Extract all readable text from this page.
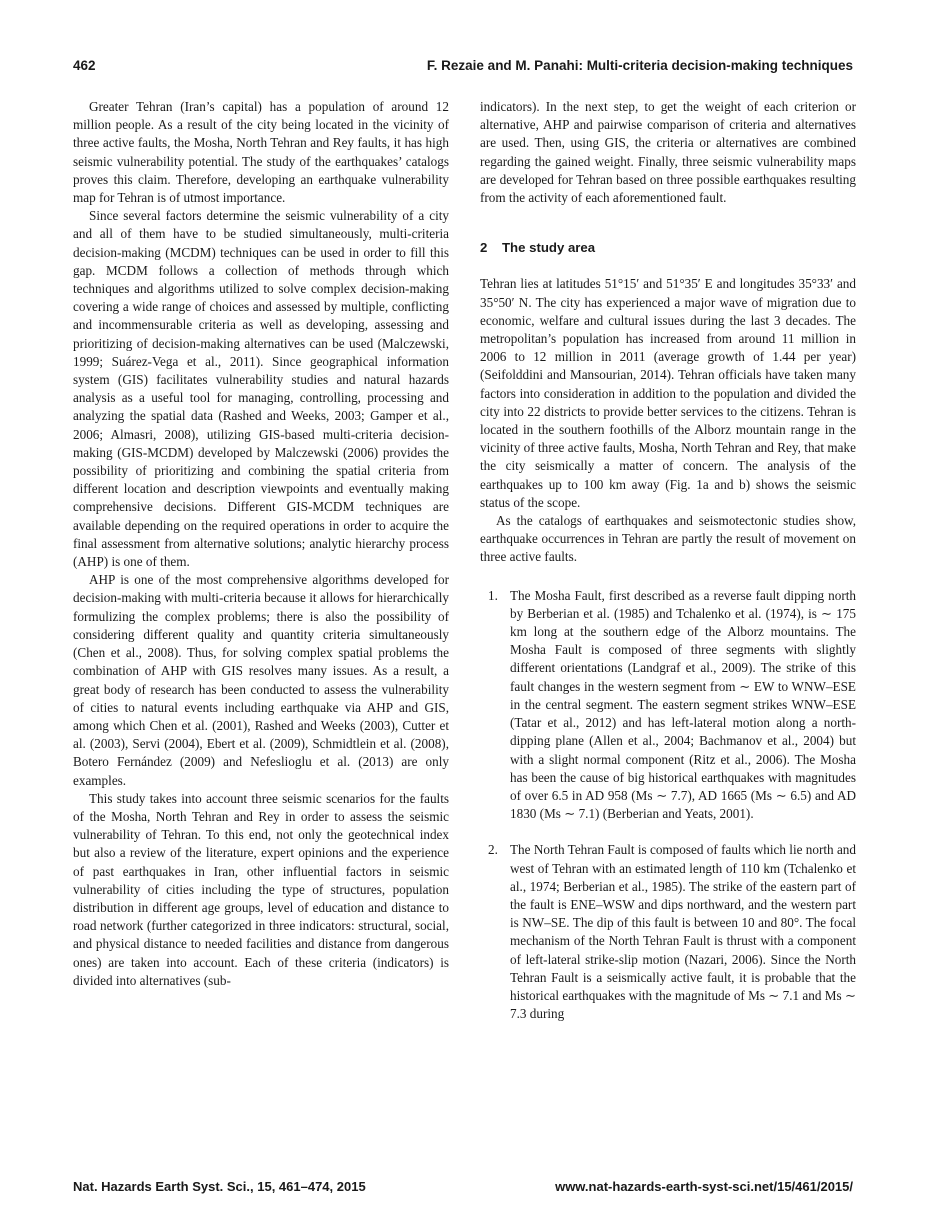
462	F. Rezaie and M. Panahi: Multi-criteria decision-making techniques

Greater Tehran (Iran’s capital) has a population of around 12 million people. As a result of the city being located in the vicinity of three active faults, the Mosha, North Tehran and Rey faults, it has high seismic vulnerability potential. The study of the earthquakes’ catalogs proves this claim. Therefore, developing an earthquake vulnerability map for Tehran is of utmost importance.

Since several factors determine the seismic vulnerability of a city and all of them have to be studied simultaneously, multi-criteria decision-making (MCDM) techniques can be used in order to fill this gap. MCDM follows a collection of methods through which techniques and algorithms utilized to solve complex decision-making covering a wide range of choices and assessed by multiple, conflicting and incommensurable criteria as well as developing, assessing and prioritizing of decision-making alternatives can be used (Malczewski, 1999; Suárez-Vega et al., 2011). Since geographical information system (GIS) facilitates vulnerability studies and natural hazards analysis as a useful tool for managing, controlling, processing and analyzing the spatial data (Rashed and Weeks, 2003; Gamper et al., 2006; Almasri, 2008), utilizing GIS-based multi-criteria decision-making (GIS-MCDM) developed by Malczewski (2006) provides the possibility of prioritizing and combining the spatial criteria from different location and description viewpoints and eventually making comprehensive decisions. Different GIS-MCDM techniques are available depending on the required operations in order to acquire the final assessment from alternative solutions; analytic hierarchy process (AHP) is one of them.

AHP is one of the most comprehensive algorithms developed for decision-making with multi-criteria because it allows for hierarchically formulizing the complex problems; there is also the possibility of considering different quality and quantity criteria simultaneously (Chen et al., 2008). Thus, for solving complex spatial problems the combination of AHP with GIS resolves many issues. As a result, a great body of research has been conducted to assess the vulnerability of cities to natural events including earthquake via AHP and GIS, among which Chen et al. (2001), Rashed and Weeks (2003), Cutter et al. (2003), Servi (2004), Ebert et al. (2009), Schmidtlein et al. (2008), Botero Fernández (2009) and Nefeslioglu et al. (2013) are only examples.

This study takes into account three seismic scenarios for the faults of the Mosha, North Tehran and Rey in order to assess the seismic vulnerability of Tehran. To this end, not only the geotechnical index but also a review of the literature, expert opinions and the experience of past earthquakes in Iran, other influential factors in seismic vulnerability of cities including the type of structures, population distribution in different age groups, level of education and distance to road network (further categorized in three indicators: structural, social, and physical distance to needed facilities and distance from dangerous ones) are taken into account. Each of these criteria (indicators) is divided into alternatives (sub-

indicators). In the next step, to get the weight of each criterion or alternative, AHP and pairwise comparison of criteria and alternatives are used. Then, using GIS, the criteria or alternatives are combined regarding the gained weight. Finally, three seismic vulnerability maps are developed for Tehran based on three possible earthquakes resulting from the activity of each aforementioned fault.

2 The study area

Tehran lies at latitudes 51°15′ and 51°35′ E and longitudes 35°33′ and 35°50′ N. The city has experienced a major wave of migration due to economic, welfare and cultural issues during the last 3 decades. The metropolitan’s population has increased from around 11 million in 2006 to 12 million in 2011 (average growth of 1.44 per year) (Seifolddini and Mansourian, 2014). Tehran officials have taken many factors into consideration in addition to the population and divided the city into 22 districts to provide better services to the citizens. Tehran is located in the southern foothills of the Alborz mountain range in the vicinity of three active faults, Mosha, North Tehran and Rey, that make the city seismically a matter of concern. The analysis of the earthquakes up to 100 km away (Fig. 1a and b) shows the seismic status of the scope.

As the catalogs of earthquakes and seismotectonic studies show, earthquake occurrences in Tehran are partly the result of movement on three active faults.

1. The Mosha Fault, first described as a reverse fault dipping north by Berberian et al. (1985) and Tchalenko et al. (1974), is ∼ 175 km long at the southern edge of the Alborz mountains. The Mosha Fault is composed of three segments with slightly different orientations (Landgraf et al., 2009). The strike of this fault changes in the western segment from ∼ EW to WNW–ESE in the central segment. The eastern segment strikes WNW–ESE (Tatar et al., 2012) and has left-lateral motion along a north-dipping plane (Allen et al., 2004; Bachmanov et al., 2004) but with a slight normal component (Ritz et al., 2006). The Mosha has been the cause of big historical earthquakes with magnitudes of over 6.5 in AD 958 (Ms ∼ 7.7), AD 1665 (Ms ∼ 6.5) and AD 1830 (Ms ∼ 7.1) (Berberian and Yeats, 2001).
2. The North Tehran Fault is composed of faults which lie north and west of Tehran with an estimated length of 110 km (Tchalenko et al., 1974; Berberian et al., 1985). The strike of the eastern part of the fault is ENE–WSW and dips northward, and the western part is NW–SE. The dip of this fault is between 10 and 80°. The focal mechanism of the North Tehran Fault is thrust with a component of left-lateral strike-slip motion (Nazari, 2006). Since the North Tehran Fault is a seismically active fault, it is probable that the historical earthquakes with the magnitude of Ms ∼ 7.1 and Ms ∼ 7.3 during
Nat. Hazards Earth Syst. Sci., 15, 461–474, 2015	www.nat-hazards-earth-syst-sci.net/15/461/2015/
